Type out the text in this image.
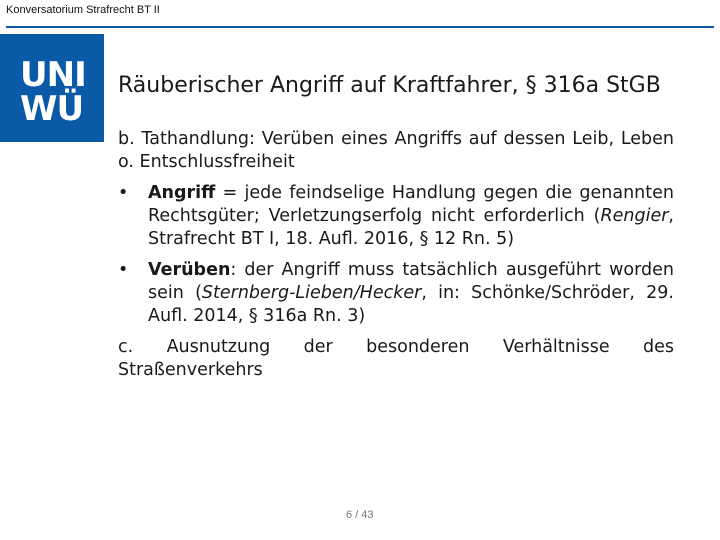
Konversatorium Strafrecht BT II
UNI
WÜ
Räuberischer Angriff auf Kraftfahrer, § 316a StGB

b. Tathandlung: Verüben eines Angriffs auf dessen Leib, Leben o. Entschlussfreiheit

• Angriff = jede feindselige Handlung gegen die genannten Rechtsgüter; Verletzungserfolg nicht erforderlich (Rengier, Strafrecht BT I, 18. Aufl. 2016, § 12 Rn. 5)
• Verüben: der Angriff muss tatsächlich ausgeführt worden sein (Sternberg-Lieben/Hecker, in: Schönke/Schröder, 29. Aufl. 2014, § 316a Rn. 3)

c. Ausnutzung der besonderen Verhältnisse des Straßenverkehrs

6 / 43
